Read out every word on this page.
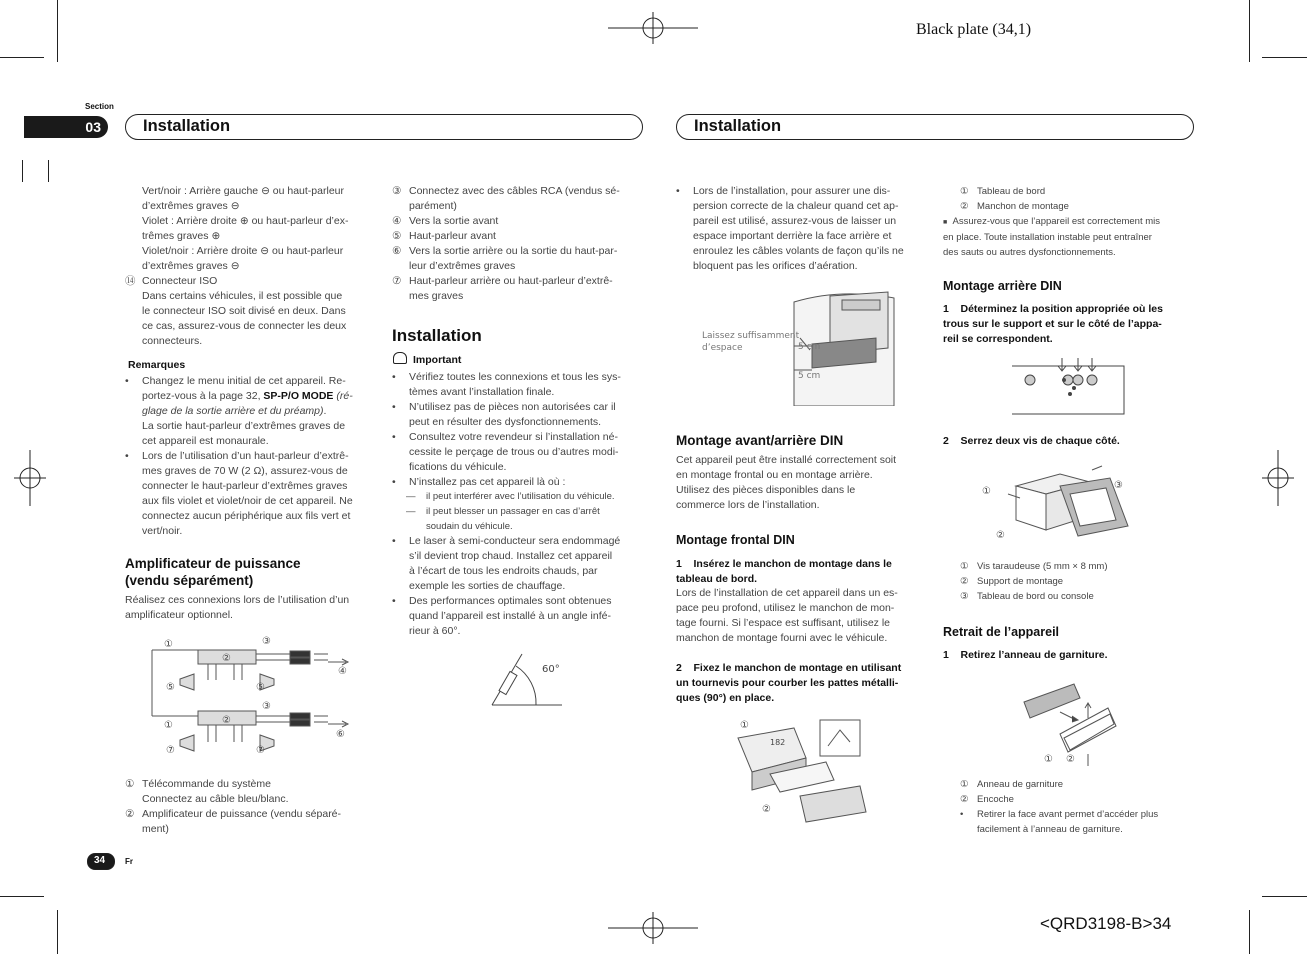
Black plate (34,1)
<QRD3198-B>34
Section
03	Installation	Installation
Vert/noir : Arrière gauche ⊖ ou haut-parleur
d’extrêmes graves ⊖
Violet : Arrière droite ⊕ ou haut-parleur d’ex-
trêmes graves ⊕
Violet/noir : Arrière droite ⊖ ou haut-parleur
d’extrêmes graves ⊖
⑭ Connecteur ISO
Dans certains véhicules, il est possible que
le connecteur ISO soit divisé en deux. Dans
ce cas, assurez-vous de connecter les deux
connecteurs.
Remarques
• Changez le menu initial de cet appareil. Re-
portez-vous à la page 32, SP-P/O MODE (ré-
glage de la sortie arrière et du préamp).
La sortie haut-parleur d’extrêmes graves de
cet appareil est monaurale.
• Lors de l’utilisation d’un haut-parleur d’extrê-
mes graves de 70 W (2 Ω), assurez-vous de
connecter le haut-parleur d’extrêmes graves
aux fils violet et violet/noir de cet appareil. Ne
connectez aucun périphérique aux fils vert et
vert/noir.
Amplificateur de puissance
(vendu séparément)
Réalisez ces connexions lors de l’utilisation d’un
amplificateur optionnel.
①
②
③
④
⑤	⑤
①	②
③
⑥
⑦	⑦
① Télécommande du système
Connectez au câble bleu/blanc.
② Amplificateur de puissance (vendu séparé-
ment)
34 Fr
③ Connectez avec des câbles RCA (vendus sé-
parément)
④ Vers la sortie avant
⑤ Haut-parleur avant
⑥ Vers la sortie arrière ou la sortie du haut-par-
leur d’extrêmes graves
⑦ Haut-parleur arrière ou haut-parleur d’extrê-
mes graves
Installation
Important
• Vérifiez toutes les connexions et tous les sys-
tèmes avant l’installation finale.
• N’utilisez pas de pièces non autorisées car il
peut en résulter des dysfonctionnements.
• Consultez votre revendeur si l’installation né-
cessite le perçage de trous ou d’autres modi-
fications du véhicule.
• N’installez pas cet appareil là où :
— il peut interférer avec l’utilisation du véhicule.
— il peut blesser un passager en cas d’arrêt
soudain du véhicule.
• Le laser à semi-conducteur sera endommagé
s’il devient trop chaud. Installez cet appareil
à l’écart de tous les endroits chauds, par
exemple les sorties de chauffage.
• Des performances optimales sont obtenues
quand l’appareil est installé à un angle infé-
rieur à 60°.
60°
• Lors de l’installation, pour assurer une dis-
persion correcte de la chaleur quand cet ap-
pareil est utilisé, assurez-vous de laisser un
espace important derrière la face arrière et
enroulez les câbles volants de façon qu’ils ne
bloquent pas les orifices d’aération.
Laissez suffisamment
d’espace	5 cm
5 cm
Montage avant/arrière DIN
Cet appareil peut être installé correctement soit
en montage frontal ou en montage arrière.
Utilisez des pièces disponibles dans le
commerce lors de l’installation.
Montage frontal DIN
1    Insérez le manchon de montage dans le
tableau de bord.
Lors de l’installation de cet appareil dans un es-
pace peu profond, utilisez le manchon de mon-
tage fourni. Si l’espace est suffisant, utilisez le
manchon de montage fourni avec le véhicule.
2    Fixez le manchon de montage en utilisant
un tournevis pour courber les pattes métalli-
ques (90°) en place.
182
①
②
① Tableau de bord
② Manchon de montage
■ Assurez-vous que l’appareil est correctement mis
en place. Toute installation instable peut entraîner
des sauts ou autres dysfonctionnements.
Montage arrière DIN
1    Déterminez la position appropriée où les
trous sur le support et sur le côté de l’appa-
reil se correspondent.
2    Serrez deux vis de chaque côté.
①
②
③
① Vis taraudeuse (5 mm × 8 mm)
② Support de montage
③ Tableau de bord ou console
Retrait de l’appareil
1    Retirez l’anneau de garniture.
① ②
① Anneau de garniture
② Encoche
• Retirer la face avant permet d’accéder plus
facilement à l’anneau de garniture.
